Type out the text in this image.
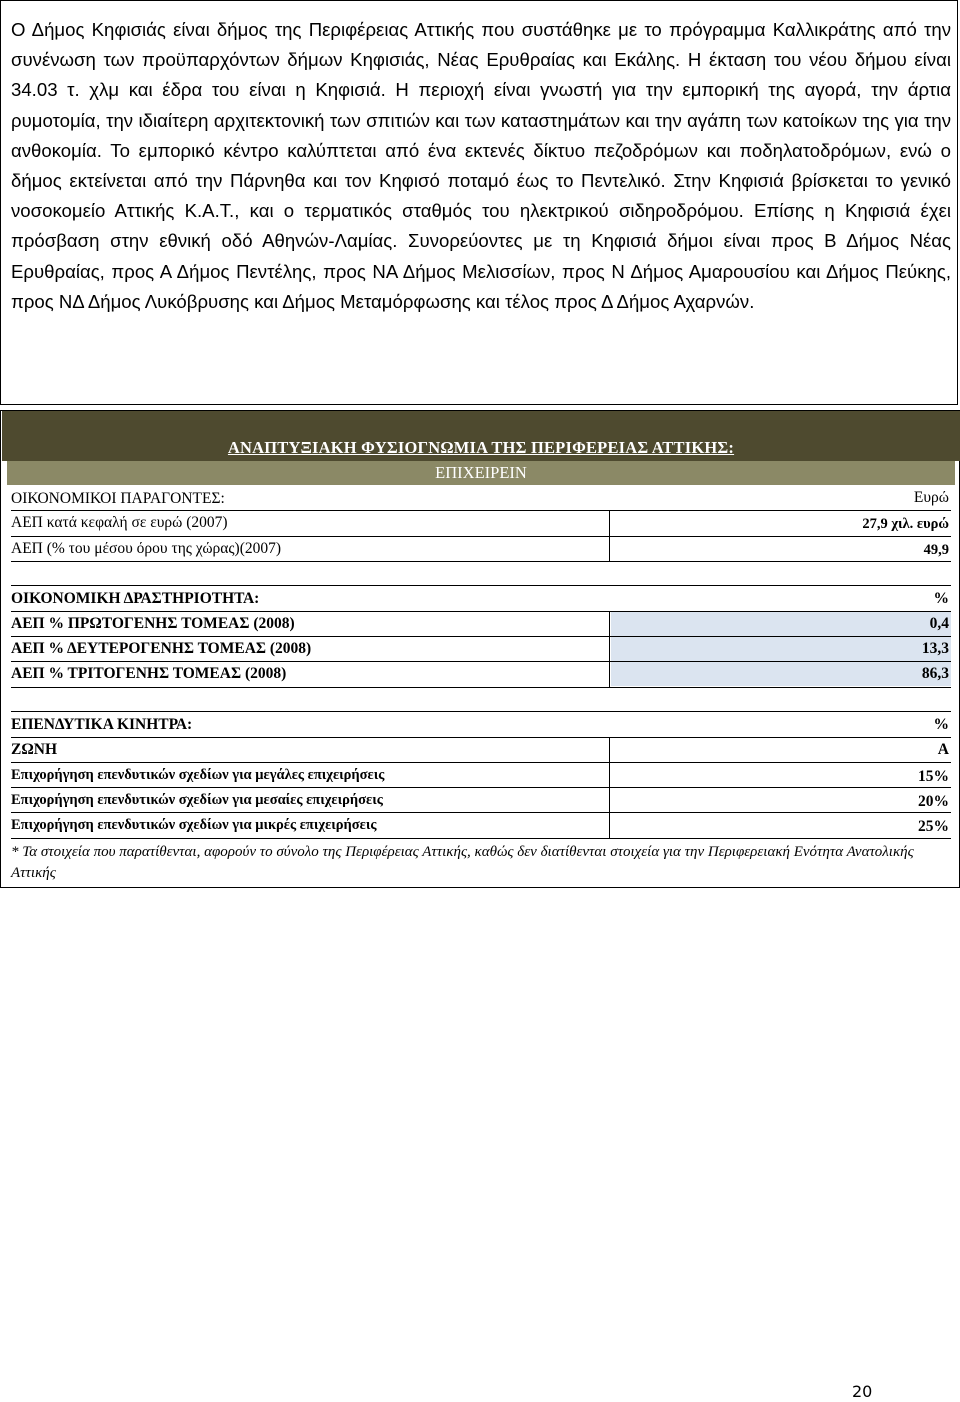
Ο Δήμος Κηφισιάς είναι δήμος της Περιφέρειας Αττικής που συστάθηκε με το πρόγραμμα Καλλικράτης από την συνένωση των προϋπαρχόντων δήμων Κηφισιάς, Νέας Ερυθραίας και Εκάλης. Η έκταση του νέου δήμου είναι 34.03 τ. χλμ και έδρα του είναι η Κηφισιά. Η περιοχή είναι γνωστή για την εμπορική της αγορά, την άρτια ρυμοτομία, την ιδιαίτερη αρχιτεκτονική των σπιτιών και των καταστημάτων και την αγάπη των κατοίκων της για την ανθοκομία. Το εμπορικό κέντρο καλύπτεται από ένα εκτενές δίκτυο πεζοδρόμων και ποδηλατοδρόμων, ενώ ο δήμος εκτείνεται από την Πάρνηθα και τον Κηφισό ποταμό έως το Πεντελικό. Στην Κηφισιά βρίσκεται το γενικό νοσοκομείο Αττικής Κ.Α.Τ., και ο τερματικός σταθμός του ηλεκτρικού σιδηροδρόμου. Επίσης η Κηφισιά έχει πρόσβαση στην εθνική οδό Αθηνών-Λαμίας. Συνορεύοντες με τη Κηφισιά δήμοι είναι προς Β Δήμος Νέας Ερυθραίας, προς Α Δήμος Πεντέλης, προς ΝΑ Δήμος Μελισσίων, προς Ν Δήμος Αμαρουσίου και Δήμος Πεύκης, προς ΝΔ Δήμος Λυκόβρυσης και Δήμος Μεταμόρφωσης και τέλος προς Δ Δήμος Αχαρνών.

ΑΝΑΠΤΥΞΙΑΚΗ ΦΥΣΙΟΓΝΩΜΙΑ ΤΗΣ ΠΕΡΙΦΕΡΕΙΑΣ ΑΤΤΙΚΗΣ:
ΕΠΙΧΕΙΡΕΙΝ
ΟΙΚΟΝΟΜΙΚΟΙ ΠΑΡΑΓΟΝΤΕΣ:	Ευρώ
ΑΕΠ κατά κεφαλή σε ευρώ (2007)	27,9 χιλ. ευρώ
ΑΕΠ (% του μέσου όρου της χώρας)(2007)	49,9
ΟΙΚΟΝΟΜΙΚΗ ΔΡΑΣΤΗΡΙΟΤΗΤΑ:	%
ΑΕΠ % ΠΡΩΤΟΓΕΝΗΣ ΤΟΜΕΑΣ (2008)	0,4
ΑΕΠ % ΔΕΥΤΕΡΟΓΕΝΗΣ ΤΟΜΕΑΣ (2008)	13,3
ΑΕΠ % ΤΡΙΤΟΓΕΝΗΣ ΤΟΜΕΑΣ (2008)	86,3
ΕΠΕΝΔΥΤΙΚΑ ΚΙΝΗΤΡΑ:	%
ΖΩΝΗ	Α
Επιχορήγηση επενδυτικών σχεδίων για μεγάλες επιχειρήσεις	15%
Επιχορήγηση επενδυτικών σχεδίων για μεσαίες επιχειρήσεις	20%
Επιχορήγηση επενδυτικών σχεδίων για μικρές επιχειρήσεις	25%
* Τα στοιχεία που παρατίθενται, αφορούν το σύνολο της Περιφέρειας Αττικής, καθώς δεν διατίθενται στοιχεία για την Περιφερειακή Ενότητα Ανατολικής Αττικής
20
